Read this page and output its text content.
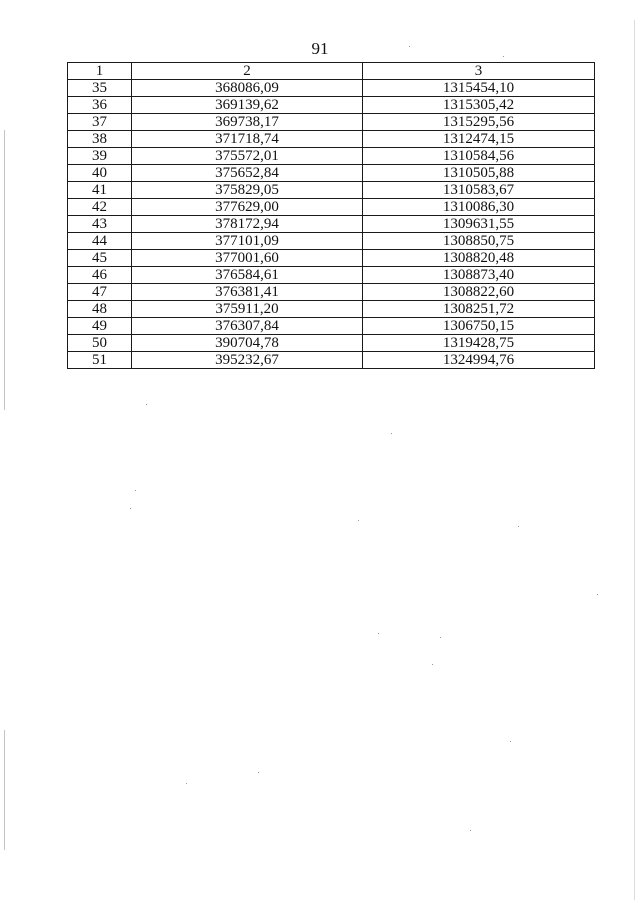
91
1	2	3
35	368086,09	1315454,10
36	369139,62	1315305,42
37	369738,17	1315295,56
38	371718,74	1312474,15
39	375572,01	1310584,56
40	375652,84	1310505,88
41	375829,05	1310583,67
42	377629,00	1310086,30
43	378172,94	1309631,55
44	377101,09	1308850,75
45	377001,60	1308820,48
46	376584,61	1308873,40
47	376381,41	1308822,60
48	375911,20	1308251,72
49	376307,84	1306750,15
50	390704,78	1319428,75
51	395232,67	1324994,76
